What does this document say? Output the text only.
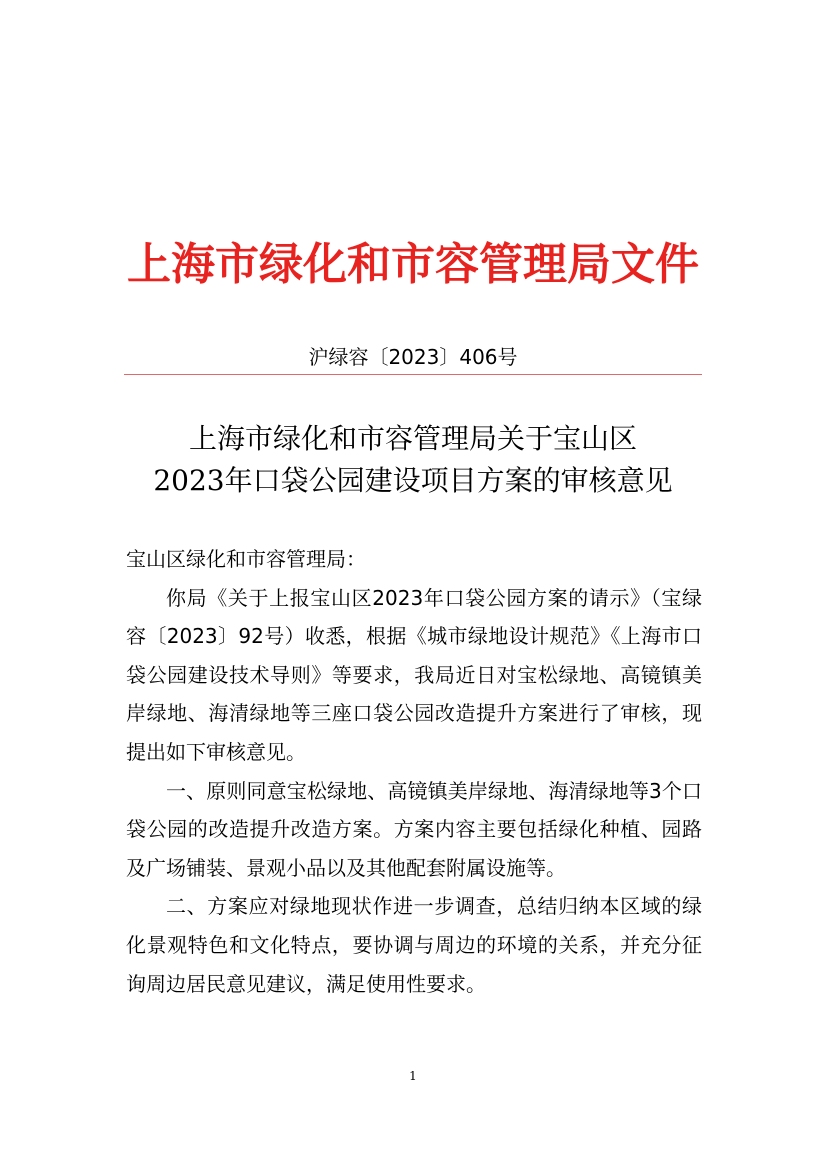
上海市绿化和市容管理局文件
沪绿容〔2023〕406号
上海市绿化和市容管理局关于宝山区
2023年口袋公园建设项目方案的审核意见

宝山区绿化和市容管理局：

你局《关于上报宝山区2023年口袋公园方案的请示》（宝绿容〔2023〕92号）收悉，根据《城市绿地设计规范》《上海市口袋公园建设技术导则》等要求，我局近日对宝松绿地、高镜镇美岸绿地、海清绿地等三座口袋公园改造提升方案进行了审核，现提出如下审核意见。

一、原则同意宝松绿地、高镜镇美岸绿地、海清绿地等3个口袋公园的改造提升改造方案。方案内容主要包括绿化种植、园路及广场铺装、景观小品以及其他配套附属设施等。

二、方案应对绿地现状作进一步调查，总结归纳本区域的绿化景观特色和文化特点，要协调与周边的环境的关系，并充分征询周边居民意见建议，满足使用性要求。

1
